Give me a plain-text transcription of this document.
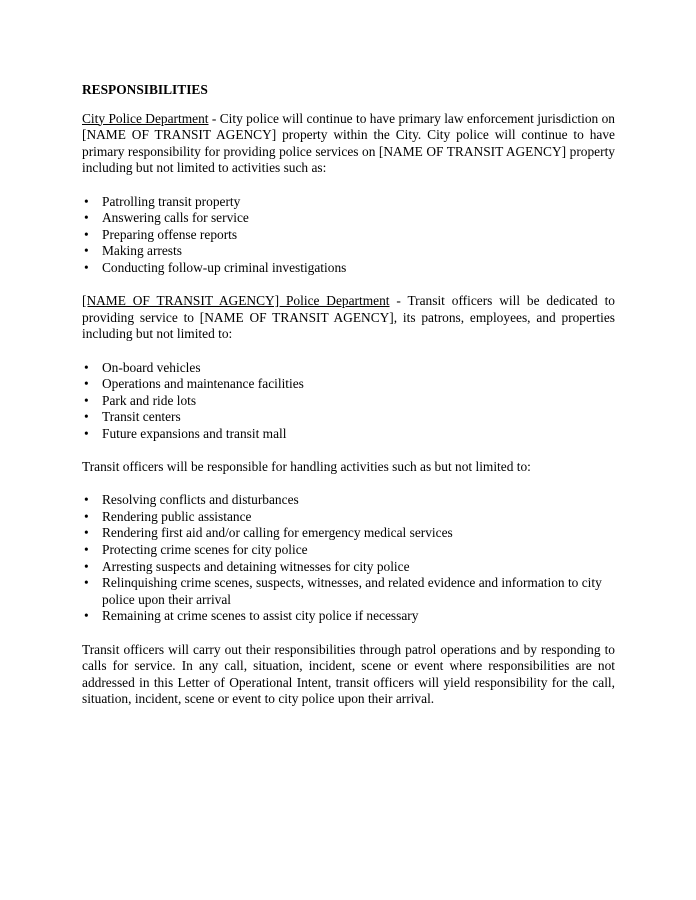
RESPONSIBILITIES

City Police Department - City police will continue to have primary law enforcement jurisdiction on [NAME OF TRANSIT AGENCY] property within the City. City police will continue to have primary responsibility for providing police services on [NAME OF TRANSIT AGENCY] property including but not limited to activities such as:

• Patrolling transit property
• Answering calls for service
• Preparing offense reports
• Making arrests
• Conducting follow-up criminal investigations

[NAME OF TRANSIT AGENCY] Police Department - Transit officers will be dedicated to providing service to [NAME OF TRANSIT AGENCY], its patrons, employees, and properties including but not limited to:

• On-board vehicles
• Operations and maintenance facilities
• Park and ride lots
• Transit centers
• Future expansions and transit mall

Transit officers will be responsible for handling activities such as but not limited to:

• Resolving conflicts and disturbances
• Rendering public assistance
• Rendering first aid and/or calling for emergency medical services
• Protecting crime scenes for city police
• Arresting suspects and detaining witnesses for city police
• Relinquishing crime scenes, suspects, witnesses, and related evidence and information to city police upon their arrival
• Remaining at crime scenes to assist city police if necessary

Transit officers will carry out their responsibilities through patrol operations and by responding to calls for service. In any call, situation, incident, scene or event where responsibilities are not addressed in this Letter of Operational Intent, transit officers will yield responsibility for the call, situation, incident, scene or event to city police upon their arrival.
